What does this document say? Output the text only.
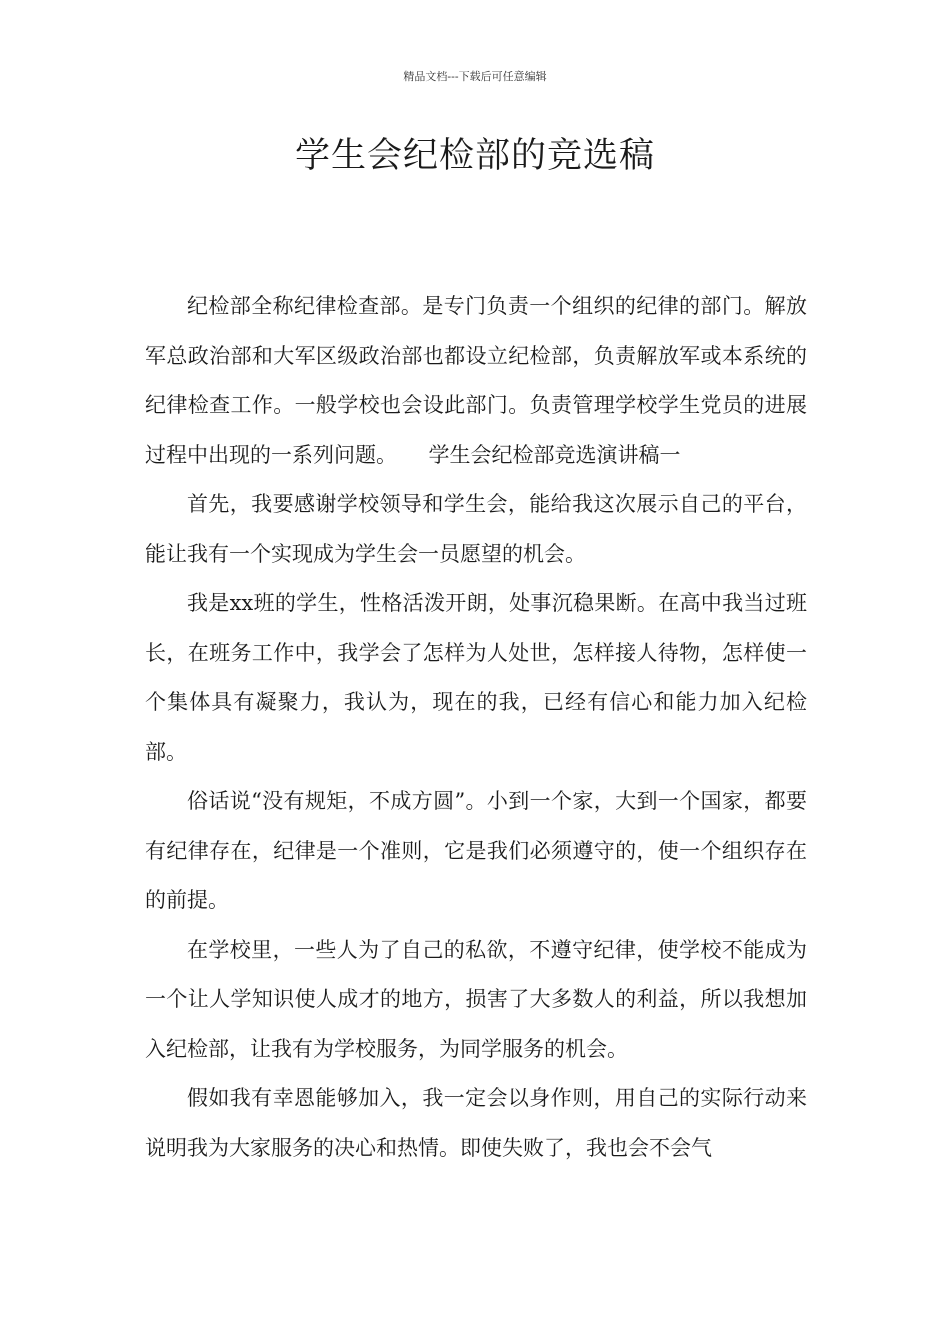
精品文档---下载后可任意编辑
学生会纪检部的竞选稿

纪检部全称纪律检查部。是专门负责一个组织的纪律的部门。解放军总政治部和大军区级政治部也都设立纪检部，负责解放军或本系统的纪律检查工作。一般学校也会设此部门。负责管理学校学生党员的进展过程中出现的一系列问题。　　学生会纪检部竞选演讲稿一

首先，我要感谢学校领导和学生会，能给我这次展示自己的平台，能让我有一个实现成为学生会一员愿望的机会。

我是xx班的学生，性格活泼开朗，处事沉稳果断。在高中我当过班长，在班务工作中，我学会了怎样为人处世，怎样接人待物，怎样使一个集体具有凝聚力，我认为，现在的我，已经有信心和能力加入纪检部。

俗话说“没有规矩，不成方圆”。小到一个家，大到一个国家，都要有纪律存在，纪律是一个准则，它是我们必须遵守的，使一个组织存在的前提。

在学校里，一些人为了自己的私欲，不遵守纪律，使学校不能成为一个让人学知识使人成才的地方，损害了大多数人的利益，所以我想加入纪检部，让我有为学校服务，为同学服务的机会。

假如我有幸恩能够加入，我一定会以身作则，用自己的实际行动来说明我为大家服务的决心和热情。即使失败了，我也会不会气
